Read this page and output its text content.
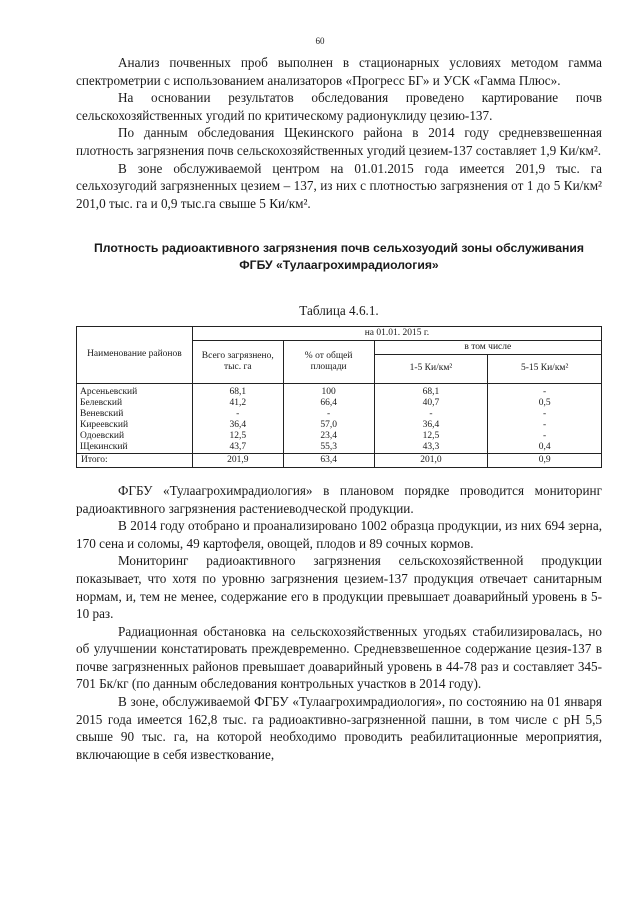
60

Анализ почвенных проб выполнен в стационарных условиях методом гамма спектрометрии с использованием анализаторов «Прогресс БГ» и УСК «Гамма Плюс».

На основании результатов обследования проведено картирование почв сельскохозяйственных угодий по критическому радионуклиду цезию-137.

По данным обследования Щекинского района в 2014 году средневзвешенная плотность загрязнения почв сельскохозяйственных угодий цезием-137 составляет 1,9 Ки/км².

В зоне обслуживаемой центром на 01.01.2015 года имеется 201,9 тыс. га сельхозугодий загрязненных цезием – 137, из них с плотностью загрязнения от 1 до 5 Ки/км² 201,0 тыс. га и 0,9 тыс.га свыше 5 Ки/км².

Плотность радиоактивного загрязнения почв сельхозуодий зоны обслуживания ФГБУ «Тулаагрохимрадиология»
Таблица 4.6.1.
Наименование районов	на 01.01. 2015 г.			
	Всего загрязнено, тыс. га	% от общей площади	в том числе	
			1-5 Ки/км²	5-15 Ки/км²
Арсеньевский	68,1	100	68,1	-
Белевский	41,2	66,4	40,7	0,5
Веневский	-	-	-	-
Киреевский	36,4	57,0	36,4	-
Одоевский	12,5	23,4	12,5	-
Щекинский	43,7	55,3	43,3	0,4
Итого:	201,9	63,4	201,0	0,9

ФГБУ «Тулаагрохимрадиология» в плановом порядке проводится мониторинг радиоактивного загрязнения растениеводческой продукции.

В 2014 году отобрано и проанализировано 1002 образца продукции, из них 694 зерна, 170 сена и соломы, 49 картофеля, овощей, плодов и 89 сочных кормов.

Мониторинг радиоактивного загрязнения сельскохозяйственной продукции показывает, что хотя по уровню загрязнения цезием-137 продукция отвечает санитарным нормам, и, тем не менее, содержание его в продукции превышает доаварийный уровень в 5-10 раз.

Радиационная обстановка на сельскохозяйственных угодьях стабилизировалась, но об улучшении констатировать преждевременно. Средневзвешенное содержание цезия-137 в почве загрязненных районов превышает доаварийный уровень в 44-78 раз и составляет 345-701 Бк/кг (по данным обследования контрольных участков в 2014 году).

В зоне, обслуживаемой ФГБУ «Тулаагрохимрадиология», по состоянию на 01 января 2015 года имеется 162,8 тыс. га радиоактивно-загрязненной пашни, в том числе с рН 5,5 свыше 90 тыс. га, на которой необходимо проводить реабилитационные мероприятия, включающие в себя известкование,
